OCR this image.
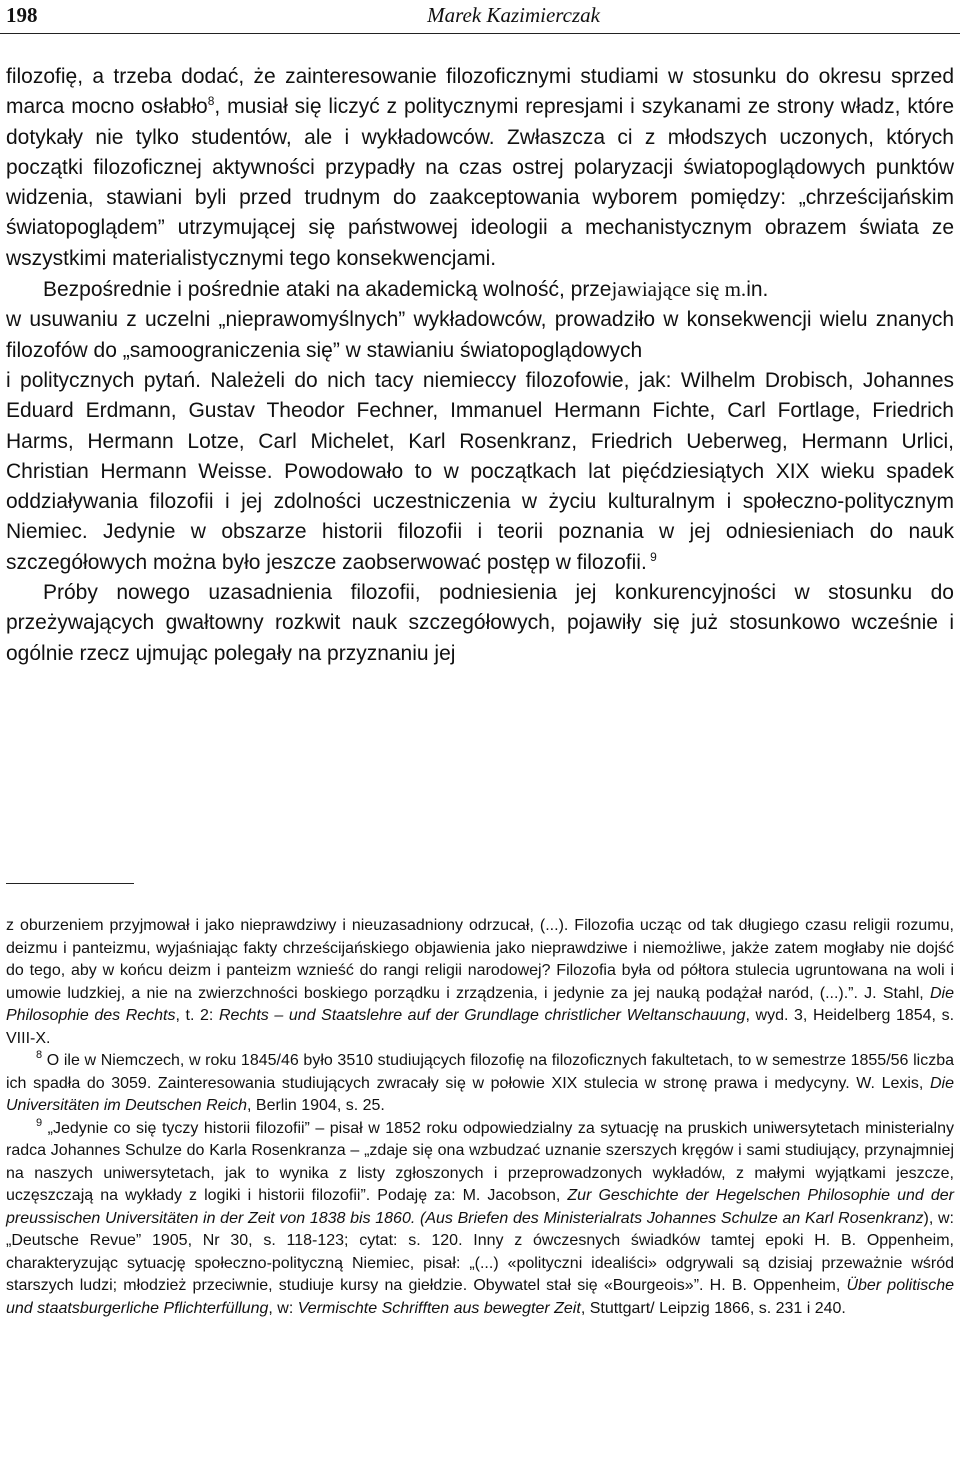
198	Marek Kazimierczak

filozofię, a trzeba dodać, że zainteresowanie filozoficznymi studiami w stosunku do okresu sprzed marca mocno osłabło$^8$, musiał się liczyć z politycznymi represjami i szykanami ze strony władz, które dotykały nie tylko studentów, ale i wykładowców. Zwłaszcza ci z młodszych uczonych, których początki filozoficznej aktywności przypadły na czas ostrej polaryzacji światopoglądowych punktów widzenia, stawiani byli przed trudnym do zaakceptowania wyborem pomiędzy: „chrześcijańskim światopoglądem” utrzymującej się państwowej ideologii a mechanistycznym obrazem świata ze wszystkimi materialistycznymi tego konsekwencjami.

Bezpośrednie i pośrednie ataki na akademicką wolność, przejawiające się m.in.

w usuwaniu z uczelni „nieprawomyślnych” wykładowców, prowadziło w konsekwencji wielu znanych filozofów do „samoograniczenia się” w stawianiu światopoglądowych

i politycznych pytań. Należeli do nich tacy niemieccy filozofowie, jak: Wilhelm Drobisch, Johannes Eduard Erdmann, Gustav Theodor Fechner, Immanuel Hermann Fichte, Carl Fortlage, Friedrich Harms, Hermann Lotze, Carl Michelet, Karl Rosenkranz, Friedrich Ueberweg, Hermann Urlici, Christian Hermann Weisse. Powodowało to w początkach lat pięćdziesiątych XIX wieku spadek oddziaływania filozofii i jej zdolności uczestniczenia w życiu kulturalnym i społeczno-politycznym Niemiec. Jedynie w obszarze historii filozofii i teorii poznania w jej odniesieniach do nauk szczegółowych można było jeszcze zaobserwować postęp w filozofii. $^9$

Próby nowego uzasadnienia filozofii, podniesienia jej konkurencyjności w stosunku do przeżywających gwałtowny rozkwit nauk szczegółowych, pojawiły się już stosunkowo wcześnie i ogólnie rzecz ujmując polegały na przyznaniu jej

z oburzeniem przyjmował i jako nieprawdziwy i nieuzasadniony odrzucał, (...). Filozofia ucząc od tak długiego czasu religii rozumu, deizmu i panteizmu, wyjaśniając fakty chrześcijańskiego objawienia jako nieprawdziwe i niemożliwe, jakże zatem mogłaby nie dojść do tego, aby w końcu deizm i panteizm wznieść do rangi religii narodowej? Filozofia była od półtora stulecia ugruntowana na woli i umowie ludzkiej, a nie na zwierzchności boskiego porządku i zrządzenia, i jedynie za jej nauką podążał naród, (...).”. J. Stahl, Die Philosophie des Rechts, t. 2: Rechts – und Staatslehre auf der Grundlage christlicher Weltanschauung, wyd. 3, Heidelberg 1854, s. VIII-X.

$^8$ O ile w Niemczech, w roku 1845/46 było 3510 studiujących filozofię na filozoficznych fakultetach, to w semestrze 1855/56 liczba ich spadła do 3059. Zainteresowania studiujących zwracały się w połowie XIX stulecia w stronę prawa i medycyny. W. Lexis, Die Universitäten im Deutschen Reich, Berlin 1904, s. 25.

$^9$ „Jedynie co się tyczy historii filozofii” – pisał w 1852 roku odpowiedzialny za sytuację na pruskich uniwersytetach ministerialny radca Johannes Schulze do Karla Rosenkranza – „zdaje się ona wzbudzać uznanie szerszych kręgów i sami studiujący, przynajmniej na naszych uniwersytetach, jak to wynika z listy zgłoszonych i przeprowadzonych wykładów, z małymi wyjątkami jeszcze, uczęszczają na wykłady z logiki i historii filozofii”. Podaję za: M. Jacobson, Zur Geschichte der Hegelschen Philosophie und der preussischen Universitäten in der Zeit von 1838 bis 1860. (Aus Briefen des Ministerialrats Johannes Schulze an Karl Rosenkranz), w: „Deutsche Revue” 1905, Nr 30, s. 118-123; cytat: s. 120. Inny z ówczesnych świadków tamtej epoki H. B. Oppenheim, charakteryzując sytuację społeczno-polityczną Niemiec, pisał: „(...) «polityczni idealiści» odgrywali są dzisiaj przeważnie wśród starszych ludzi; młodzież przeciwnie, studiuje kursy na giełdzie. Obywatel stał się «Bourgeois»”. H. B. Oppenheim, Über politische und staatsburgerliche Pflichterfüllung, w: Vermischte Schrifften aus bewegter Zeit, Stuttgart/ Leipzig 1866, s. 231 i 240.
